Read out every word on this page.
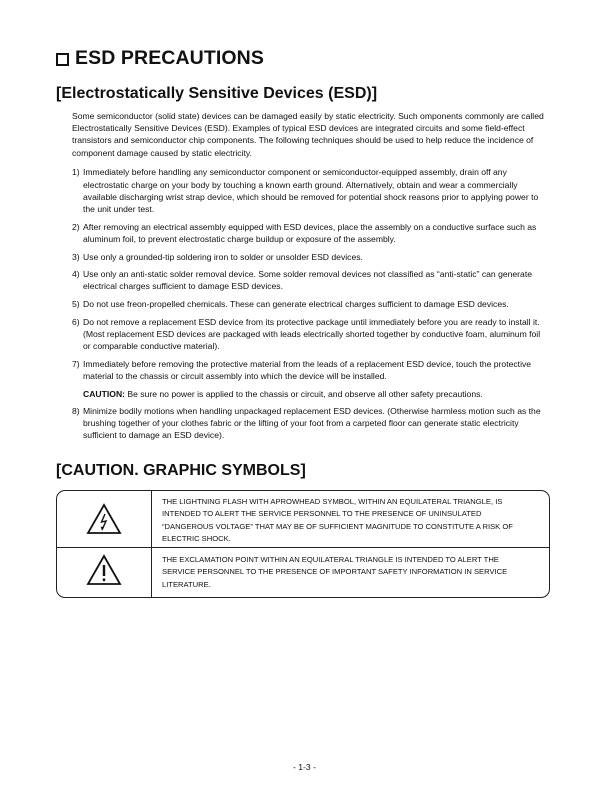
ESD PRECAUTIONS
[Electrostatically Sensitive Devices (ESD)]

Some semiconductor (solid state) devices can be damaged easily by static electricity. Such omponents commonly are called Electrostatically Sensitive Devices (ESD). Examples of typical ESD devices are integrated circuits and some field-effect transistors and semiconductor chip components. The following techniques should be used to help reduce the incidence of component damage caused by static electricity.

1) Immediately before handling any semiconductor component or semiconductor-equipped assembly, drain off any electrostatic charge on your body by touching a known earth ground. Alternatively, obtain and wear a commercially available discharging wrist strap device, which should be removed for potential shock reasons prior to applying power to the unit under test.
2) After removing an electrical assembly equipped with ESD devices, place the assembly on a conductive surface such as aluminum foil, to prevent electrostatic charge buildup or exposure of the assembly.
3) Use only a grounded-tip soldering iron to solder or unsolder ESD devices.
4) Use only an anti-static solder removal device. Some solder removal devices not classified as “anti-static” can generate electrical charges sufficient to damage ESD devices.
5) Do not use freon-propelled chemicals. These can generate electrical charges sufficient to damage ESD devices.
6) Do not remove a replacement ESD device from its protective package until immediately before you are ready to install it. (Most replacement ESD devices are packaged with leads electrically shorted together by conductive foam, aluminum foil or comparable conductive material).
7) Immediately before removing the protective material from the leads of a replacement ESD device, touch the protective material to the chassis or circuit assembly into which the device will be installed.

CAUTION: Be sure no power is applied to the chassis or circuit, and observe all other safety precautions.

8) Minimize bodily motions when handling unpackaged replacement ESD devices. (Otherwise harmless motion such as the brushing together of your clothes fabric or the lifting of your foot from a carpeted floor can generate static electricity sufficient to damage an ESD device).
[CAUTION. GRAPHIC SYMBOLS]

THE LIGHTNING FLASH WITH APROWHEAD SYMBOL, WITHIN AN EQUILATERAL TRIANGLE, IS INTENDED TO ALERT THE SERVICE PERSONNEL TO THE PRESENCE OF UNINSULATED “DANGEROUS VOLTAGE” THAT MAY BE OF SUFFICIENT MAGNITUDE TO CONSTITUTE A RISK OF ELECTRIC SHOCK.

THE EXCLAMATION POINT WITHIN AN EQUILATERAL TRIANGLE IS INTENDED TO ALERT THE SERVICE PERSONNEL TO THE PRESENCE OF IMPORTANT SAFETY INFORMATION IN SERVICE LITERATURE.

- 1-3 -
